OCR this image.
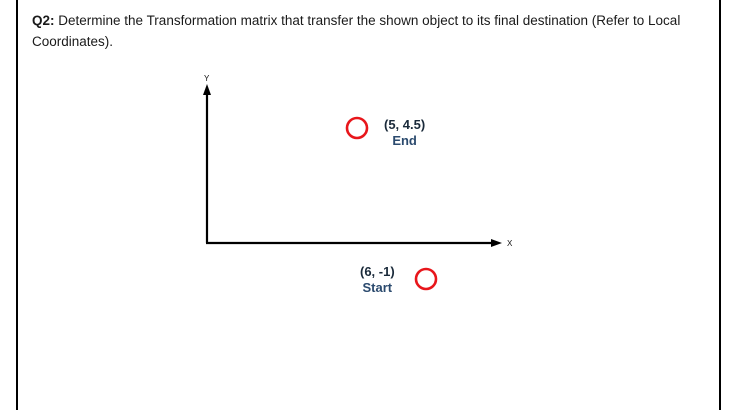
Q2: Determine the Transformation matrix that transfer the shown object to its final destination (Refer to Local Coordinates).
Y
X
(5, 4.5)
End
(6, -1)
Start
